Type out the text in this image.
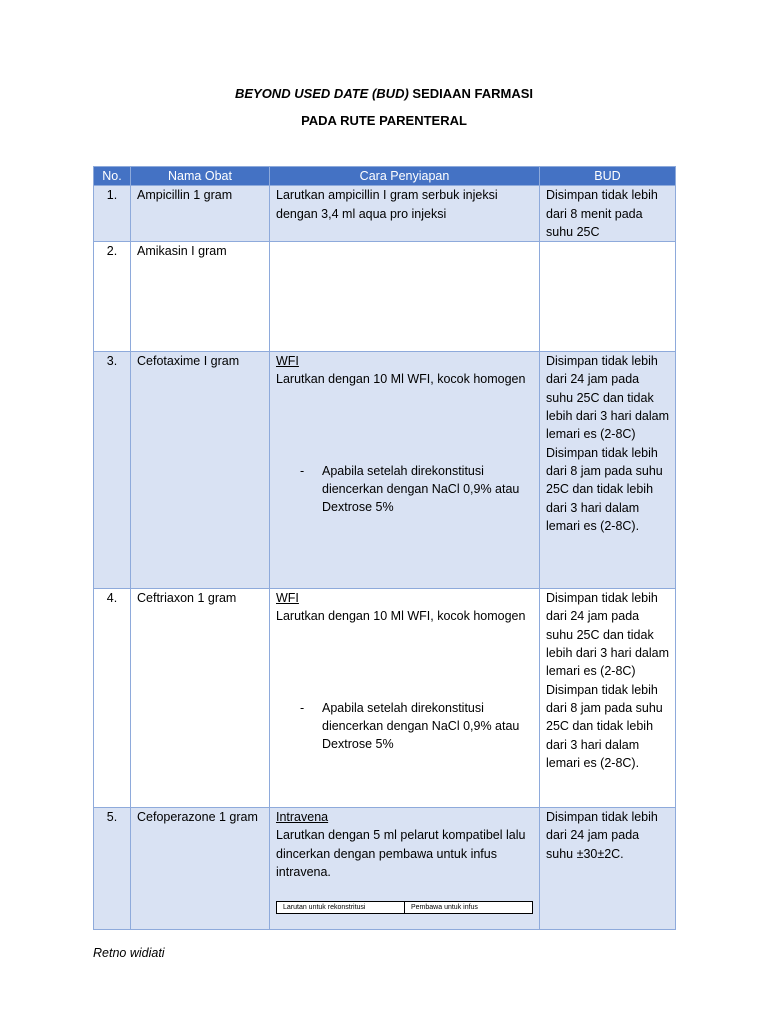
BEYOND USED DATE (BUD) SEDIAAN FARMASI
PADA RUTE PARENTERAL
No.	Nama Obat	Cara Penyiapan	BUD
1.	Ampicillin 1 gram	Larutkan ampicillin I gram serbuk injeksi dengan 3,4 ml aqua pro injeksi	Disimpan tidak lebih dari 8 menit pada suhu 25C
2.	Amikasin I gram		
3.	Cefotaxime I gram	WFI
Larutkan dengan 10 Ml WFI, kocok homogen
- Apabila setelah direkonstitusi diencerkan dengan NaCl 0,9% atau Dextrose 5%	Disimpan tidak lebih dari 24 jam pada suhu 25C dan tidak lebih dari 3 hari dalam lemari es (2-8C) Disimpan tidak lebih dari 8 jam pada suhu 25C dan tidak lebih dari 3 hari dalam lemari es (2-8C).
4.	Ceftriaxon 1 gram	WFI
Larutkan dengan 10 Ml WFI, kocok homogen
- Apabila setelah direkonstitusi diencerkan dengan NaCl 0,9% atau Dextrose 5%	Disimpan tidak lebih dari 24 jam pada suhu 25C dan tidak lebih dari 3 hari dalam lemari es (2-8C) Disimpan tidak lebih dari 8 jam pada suhu 25C dan tidak lebih dari 3 hari dalam lemari es (2-8C).
5.	Cefoperazone 1 gram	Intravena
Larutkan dengan 5 ml pelarut kompatibel lalu dincerkan dengan pembawa untuk infus intravena.
Larutan untuk rekonstritusi Pembawa untuk infus	Disimpan tidak lebih dari 24 jam pada suhu ±30±2C.
Retno widiati
